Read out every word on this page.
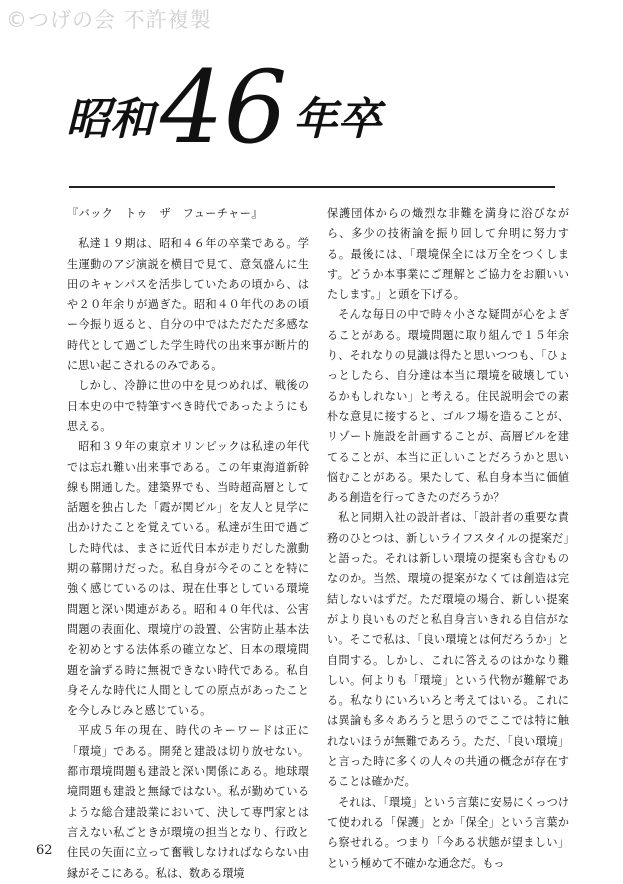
©つげの会 不許複製
昭和 46 年卒

『バック　トゥ　ザ　フューチャー』

私達１９期は、昭和４６年の卒業である。学生運動のアジ演説を横目で見て、意気盛んに生田のキャンパスを活歩していたあの頃から、はや２０年余りが過ぎた。昭和４０年代のあの頃ー今振り返ると、自分の中ではただただ多感な時代として過ごした学生時代の出来事が断片的に思い起こされるのみである。

しかし、冷静に世の中を見つめれば、戦後の日本史の中で特筆すべき時代であったようにも思える。

昭和３９年の東京オリンピックは私達の年代では忘れ難い出来事である。この年東海道新幹線も開通した。建築界でも、当時超高層として話題を独占した「霞が関ビル」を友人と見学に出かけたことを覚えている。私達が生田で過ごした時代は、まさに近代日本が走りだした激動期の幕開けだった。私自身が今そのことを特に強く感じているのは、現在仕事としている環境問題と深い関連がある。昭和４０年代は、公害問題の表面化、環境庁の設置、公害防止基本法を初めとする法体系の確立など、日本の環境問題を論ずる時に無視できない時代である。私自身そんな時代に人間としての原点があったことを今しみじみと感じている。

平成５年の現在、時代のキーワードは正に「環境」である。開発と建設は切り放せない。都市環境問題も建設と深い関係にある。地球環境問題も建設と無縁ではない。私が勤めているような総合建設業において、決して専門家とは言えない私ごときが環境の担当となり、行政と住民の矢面に立って奮戦しなければならない由縁がそこにある。私は、数ある環境

保護団体からの熾烈な非難を満身に浴びながら、多少の技術論を振り回して弁明に努力する。最後には、「環境保全には万全をつくします。どうか本事業にご理解とご協力をお願いいたします。」と頭を下げる。

そんな毎日の中で時々小さな疑問が心をよぎることがある。環境問題に取り組んで１５年余り、それなりの見識は得たと思いつつも、「ひょっとしたら、自分達は本当に環境を破壊しているかもしれない」と考える。住民説明会での素朴な意見に接すると、ゴルフ場を造ることが、リゾート施設を計画することが、高層ビルを建てることが、本当に正しいことだろうかと思い悩むことがある。果たして、私自身本当に価値ある創造を行ってきたのだろうか？

私と同期入社の設計者は、「設計者の重要な責務のひとつは、新しいライフスタイルの提案だ」と語った。それは新しい環境の提案も含むものなのか。当然、環境の提案がなくては創造は完結しないはずだ。ただ環境の場合、新しい提案がより良いものだと私自身言いきれる自信がない。そこで私は、「良い環境とは何だろうか」と自問する。しかし、これに答えるのはかなり難しい。何よりも「環境」という代物が難解である。私なりにいろいろと考えてはいる。これには異論も多々あろうと思うのでここでは特に触れないほうが無難であろう。ただ、「良い環境」と言った時に多くの人々の共通の概念が存在することは確かだ。

それは、「環境」という言葉に安易にくっつけて使われる「保護」とか「保全」という言葉から察せれる。つまり「今ある状態が望ましい」という極めて不確かな通念だ。もっ

62
